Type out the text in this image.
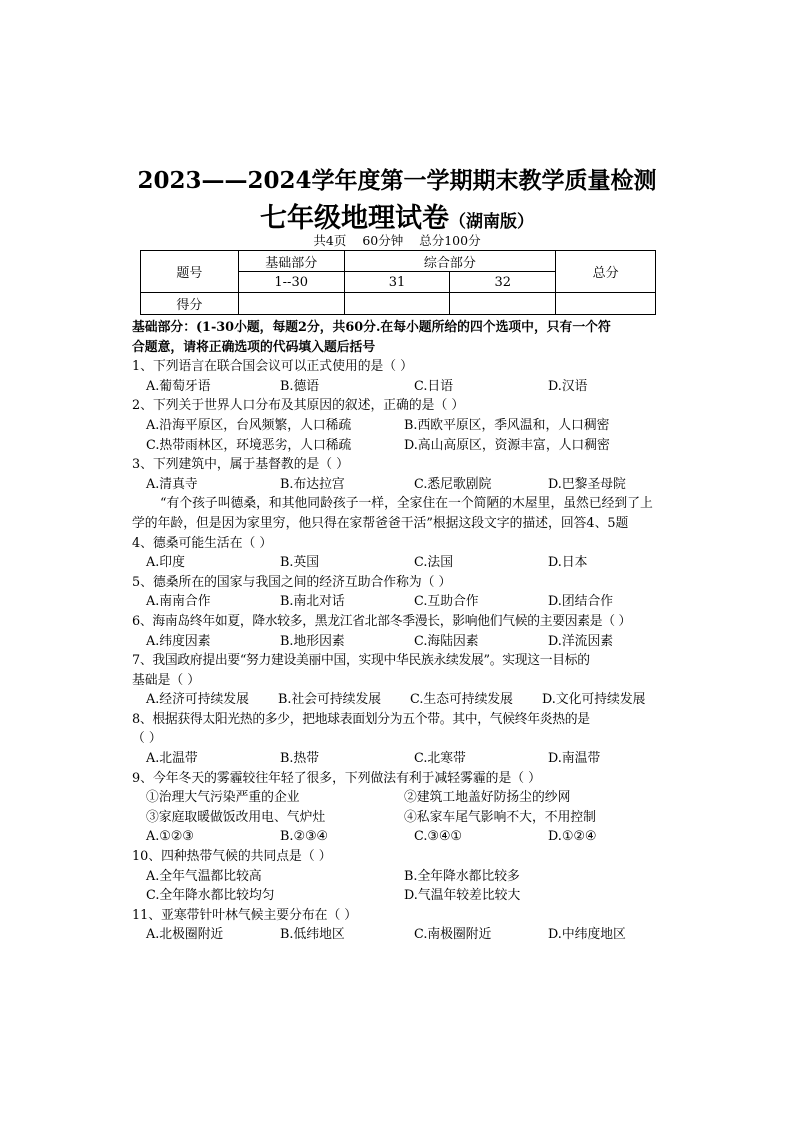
2023——2024学年度第一学期期末教学质量检测
七年级地理试卷（湖南版）
共4页 60分钟 总分100分
题号	基础部分	综合部分		总分
	1--30	31	32	
得分				
基础部分：(1-30小题，每题2分，共60分.在每小题所给的四个选项中，只有一个符
合题意，请将正确选项的代码填入题后括号
1、下列语言在联合国会议可以正式使用的是（ ）
A.葡萄牙语	B.德语	C.日语	D.汉语
2、下列关于世界人口分布及其原因的叙述，正确的是（ ）
A.沿海平原区，台风频繁，人口稀疏	B.西欧平原区，季风温和，人口稠密
C.热带雨林区，环境恶劣，人口稀疏	D.高山高原区，资源丰富，人口稠密
3、下列建筑中，属于基督教的是（ ）
A.清真寺	B.布达拉宫	C.悉尼歌剧院	D.巴黎圣母院
“有个孩子叫德桑，和其他同龄孩子一样，全家住在一个简陋的木屋里，虽然已经到了上学的年龄，但是因为家里穷，他只得在家帮爸爸干活”根据这段文字的描述，回答4、5题
4、德桑可能生活在（ ）
A.印度	B.英国	C.法国	D.日本
5、德桑所在的国家与我国之间的经济互助合作称为（ ）
A.南南合作	B.南北对话	C.互助合作	D.团结合作
6、海南岛终年如夏，降水较多，黑龙江省北部冬季漫长，影响他们气候的主要因素是（ ）
A.纬度因素	B.地形因素	C.海陆因素	D.洋流因素
7、我国政府提出要“努力建设美丽中国，实现中华民族永续发展”。实现这一目标的
基础是（ ）
A.经济可持续发展	B.社会可持续发展	C.生态可持续发展	D.文化可持续发展
8、根据获得太阳光热的多少，把地球表面划分为五个带。其中，气候终年炎热的是
（ ）
A.北温带	B.热带	C.北寒带	D.南温带
9、今年冬天的雾霾较往年轻了很多，下列做法有利于减轻雾霾的是（ ）
①治理大气污染严重的企业	②建筑工地盖好防扬尘的纱网
③家庭取暖做饭改用电、气炉灶	④私家车尾气影响不大，不用控制
A.①②③	B.②③④	C.③④①	D.①②④
10、四种热带气候的共同点是（ ）
A.全年气温都比较高	B.全年降水都比较多
C.全年降水都比较均匀	D.气温年较差比较大
11、亚寒带针叶林气候主要分布在（ ）
A.北极圈附近	B.低纬地区	C.南极圈附近	D.中纬度地区
